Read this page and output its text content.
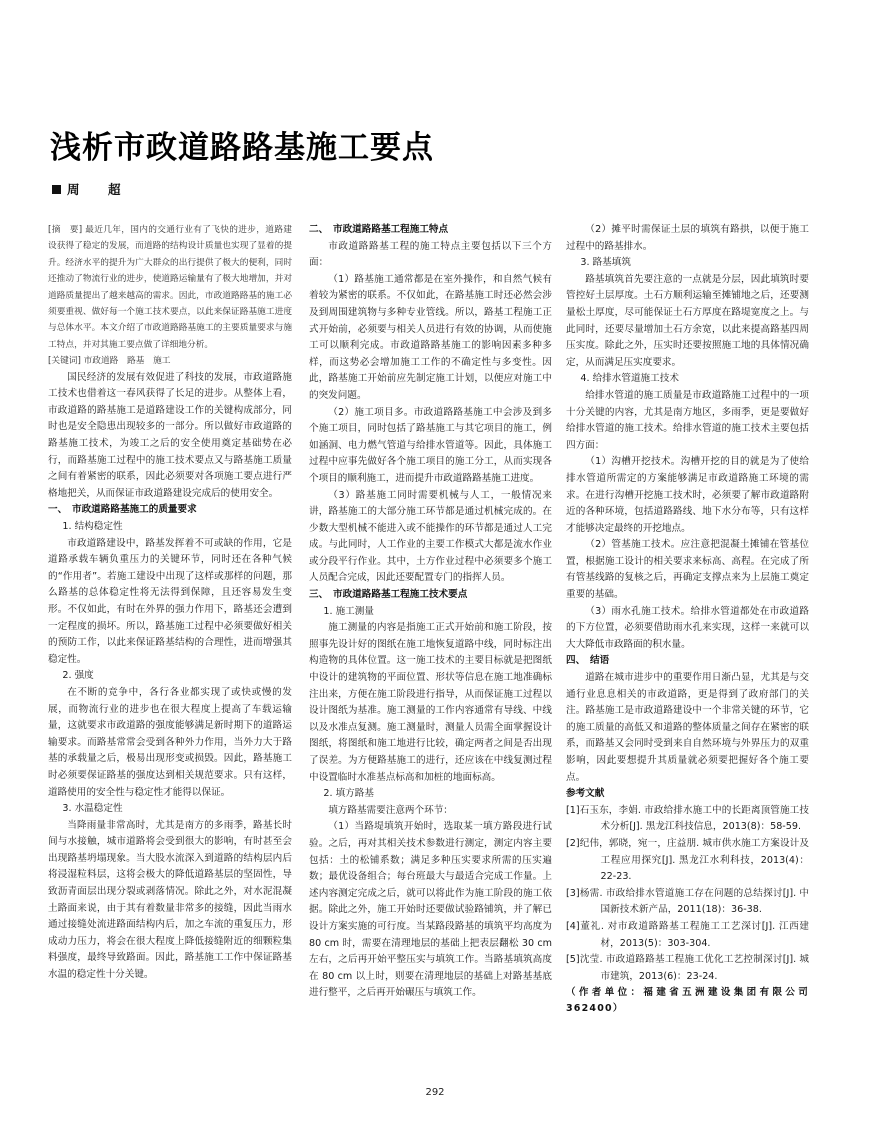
浅析市政道路路基施工要点
周　超

[摘　要] 最近几年，国内的交通行业有了飞快的进步，道路建设获得了稳定的发展，而道路的结构设计质量也实现了显着的提升。经济水平的提升为广大群众的出行提供了极大的便利，同时还推动了物流行业的进步，使道路运输量有了极大地增加，并对道路质量提出了越来越高的需求。因此，市政道路路基的施工必须要重视、做好每一个施工技术要点，以此来保证路基施工进度与总体水平。本文介绍了市政道路路基施工的主要质量要求与施工特点，并对其施工要点做了详细地分析。

[关键词] 市政道路　路基　施工

国民经济的发展有效促进了科技的发展，市政道路施工技术也借着这一春风获得了长足的进步。从整体上看，市政道路的路基施工是道路建设工作的关键构成部分，同时也是安全隐患出现较多的一部分。所以做好市政道路的路基施工技术，为竣工之后的安全使用奠定基础势在必行，而路基施工过程中的施工技术要点又与路基施工质量之间有着紧密的联系，因此必须要对各项施工要点进行严格地把关，从而保证市政道路建设完成后的使用安全。

一、　市政道路路基施工的质量要求

1. 结构稳定性

市政道路建设中，路基发挥着不可或缺的作用，它是道路承载车辆负重压力的关键环节，同时还在各种气候的“作用者”。若施工建设中出现了这样或那样的问题，那么路基的总体稳定性将无法得到保障，且还容易发生变形。不仅如此，有时在外界的强力作用下，路基还会遭到一定程度的损坏。所以，路基施工过程中必须要做好相关的预防工作，以此来保证路基结构的合理性，进而增强其稳定性。

2. 强度

在不断的竞争中，各行各业都实现了或快或慢的发展，而物流行业的进步也在很大程度上提高了车载运输量，这就要求市政道路的强度能够满足新时期下的道路运输要求。而路基常常会受到各种外力作用，当外力大于路基的承载量之后，极易出现形变或损毁。因此，路基施工时必须要保证路基的强度达到相关规范要求。只有这样，道路使用的安全性与稳定性才能得以保证。

3. 水温稳定性

当降雨量非常高时，尤其是南方的多雨季，路基长时间与水接触，城市道路将会受到很大的影响，有时甚至会出现路基坍塌现象。当大股水流深入到道路的结构层内后将浸湿粒料层，这将会极大的降低道路基层的坚固性，导致沥青面层出现分裂或剥落情况。除此之外，对水泥混凝土路面来说，由于其有着数量非常多的接缝，因此当雨水通过接缝处流进路面结构内后，加之车流的重复压力，形成动力压力，将会在很大程度上降低接缝附近的细颗粒集料强度，最终导致路面。因此，路基施工工作中保证路基水温的稳定性十分关键。

二、　市政道路路基工程施工特点

市政道路路基工程的施工特点主要包括以下三个方面：

（1）路基施工通常都是在室外操作，和自然气候有着较为紧密的联系。不仅如此，在路基施工时还必然会涉及到周围建筑物与多种专业管线。所以，路基工程施工正式开始前，必须要与相关人员进行有效的协调，从而使施工可以顺利完成。市政道路路基施工的影响因素多种多样，而这势必会增加施工工作的不确定性与多变性。因此，路基施工开始前应先制定施工计划，以便应对施工中的突发问题。

（2）施工项目多。市政道路路基施工中会涉及到多个施工项目，同时包括了路基施工与其它项目的施工，例如涵洞、电力燃气管道与给排水管道等。因此，具体施工过程中应事先做好各个施工项目的施工分工，从而实现各个项目的顺利施工，进而提升市政道路路基施工进度。

（3）路基施工同时需要机械与人工，一般情况来讲，路基施工的大部分施工环节都是通过机械完成的。在少数大型机械不能进入或不能操作的环节都是通过人工完成。与此同时，人工作业的主要工作模式大都是流水作业或分段平行作业。其中，土方作业过程中必须要多个施工人员配合完成，因此还要配置专门的指挥人员。

三、　市政道路路基工程施工技术要点

1. 施工测量

施工测量的内容是指施工正式开始前和施工阶段，按照事先设计好的图纸在施工地恢复道路中线，同时标注出构造物的具体位置。这一施工技术的主要目标就是把图纸中设计的建筑物的平面位置、形状等信息在施工地准确标注出来，方便在施工阶段进行指导，从而保证施工过程以设计图纸为基准。施工测量的工作内容通常有导线、中线以及水准点复测。施工测量时，测量人员需全面掌握设计图纸，将图纸和施工地进行比较，确定两者之间是否出现了误差。为方便路基施工的进行，还应该在中线复测过程中设置临时水准基点标高和加桩的地面标高。

2. 填方路基

填方路基需要注意两个环节：

（1）当路堤填筑开始时，选取某一填方路段进行试验。之后，再对其相关技术参数进行测定，测定内容主要包括：土的松铺系数；满足多种压实要求所需的压实遍数；最优设备组合；每台班最大与最适合完成工作量。上述内容测定完成之后，就可以将此作为施工阶段的施工依据。除此之外，施工开始时还要做试验路铺筑，并了解已设计方案实施的可行度。当某路段路基的填筑平均高度为 80 cm 时，需要在清理地层的基础上把表层翻松 30 cm 左右，之后再开始平整压实与填筑工作。当路基填筑高度在 80 cm 以上时，则要在清理地层的基础上对路基基底进行整平，之后再开始碾压与填筑工作。

（2）摊平时需保证土层的填筑有路拱，以便于施工过程中的路基排水。

3. 路基填筑

路基填筑首先要注意的一点就是分层，因此填筑时要管控好土层厚度。土石方顺利运输至摊铺地之后，还要测量松土厚度，尽可能保证土石方厚度在路堤宽度之上。与此同时，还要尽量增加土石方余宽，以此来提高路基四周压实度。除此之外，压实时还要按照施工地的具体情况确定，从而满足压实度要求。

4. 给排水管道施工技术

给排水管道的施工质量是市政道路施工过程中的一项十分关键的内容，尤其是南方地区，多雨季，更是要做好给排水管道的施工技术。给排水管道的施工技术主要包括四方面：

（1）沟槽开挖技术。沟槽开挖的目的就是为了使给排水管道所需定的方案能够满足市政道路施工环境的需求。在进行沟槽开挖施工技术时，必须要了解市政道路附近的各种环境，包括道路路线、地下水分布等，只有这样才能够决定最终的开挖地点。

（2）管基施工技术。应注意把混凝土摊铺在管基位置，根据施工设计的相关要求来标高、高程。在完成了所有管基线路的复核之后，再确定支撑点来为上层施工奠定重要的基础。

（3）雨水孔施工技术。给排水管道都处在市政道路的下方位置，必须要借助雨水孔来实现，这样一来就可以大大降低市政路面的积水量。

四、　结语

道路在城市进步中的重要作用日渐凸显，尤其是与交通行业息息相关的市政道路，更是得到了政府部门的关注。路基施工是市政道路建设中一个非常关键的环节，它的施工质量的高低又和道路的整体质量之间存在紧密的联系，而路基又会同时受到来自自然环境与外界压力的双重影响，因此要想提升其质量就必须要把握好各个施工要点。

参考文献

[1]石玉东，李娟. 市政给排水施工中的长距离顶管施工技术分析[J]. 黑龙江科技信息，2013(8)：58-59.

[2]纪伟，郭晓，宛一，庄益朋. 城市供水施工方案设计及工程应用探究[J]. 黑龙江水利科技，2013(4)：22-23.

[3]杨需. 市政给排水管道施工存在问题的总结探讨[J]. 中国新技术新产品，2011(18)：36-38.

[4]董礼. 对市政道路路基工程施工工艺深讨[J]. 江西建材，2013(5)：303-304.

[5]沈莹. 市政道路路基工程施工优化工艺控制深讨[J]. 城市建筑，2013(6)：23-24.

（作者单位：福建省五洲建设集团有限公司 362400）

292
